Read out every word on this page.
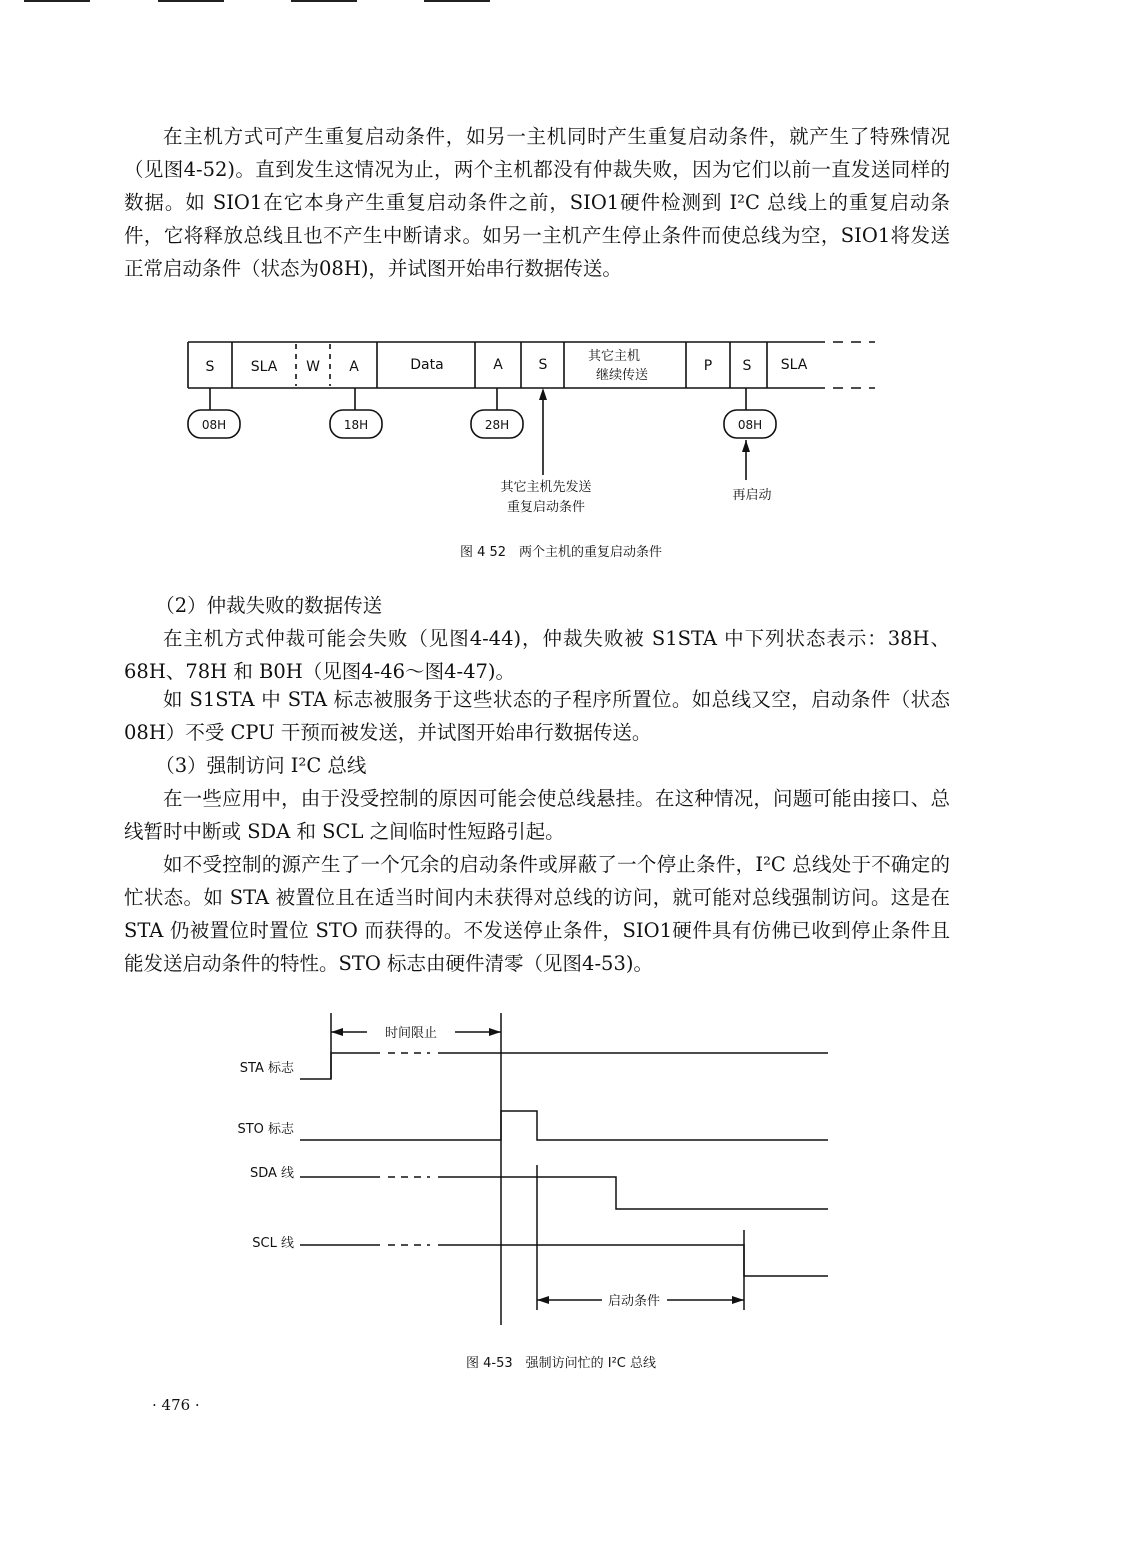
在主机方式可产生重复启动条件，如另一主机同时产生重复启动条件，就产生了特殊情况（见图4-52)。直到发生这情况为止，两个主机都没有仲裁失败，因为它们以前一直发送同样的数据。如 SIO1在它本身产生重复启动条件之前，SIO1硬件检测到 I²C 总线上的重复启动条件，它将释放总线且也不产生中断请求。如另一主机产生停止条件而使总线为空，SIO1将发送正常启动条件（状态为08H)，并试图开始串行数据传送。

S	SLA W A	Data	A	S
其它主机
继续传送
P S SLA
08H	18H	28H	08H
其它主机先发送
重复启动条件
再启动

图 4 52　两个主机的重复启动条件

（2）仲裁失败的数据传送

在主机方式仲裁可能会失败（见图4-44)，仲裁失败被 S1STA 中下列状态表示：38H、68H、78H 和 B0H（见图4-46～图4-47)。

如 S1STA 中 STA 标志被服务于这些状态的子程序所置位。如总线又空，启动条件（状态08H）不受 CPU 干预而被发送，并试图开始串行数据传送。

（3）强制访问 I²C 总线

在一些应用中，由于没受控制的原因可能会使总线悬挂。在这种情况，问题可能由接口、总线暂时中断或 SDA 和 SCL 之间临时性短路引起。

如不受控制的源产生了一个冗余的启动条件或屏蔽了一个停止条件，I²C 总线处于不确定的忙状态。如 STA 被置位且在适当时间内未获得对总线的访问，就可能对总线强制访问。这是在 STA 仍被置位时置位 STO 而获得的。不发送停止条件，SIO1硬件具有仿佛已收到停止条件且能发送启动条件的特性。STO 标志由硬件清零（见图4-53)。

时间限止
启动条件
STA 标志
STO 标志
SDA 线
SCL 线

图 4-53　强制访问忙的 I²C 总线

· 476 ·
